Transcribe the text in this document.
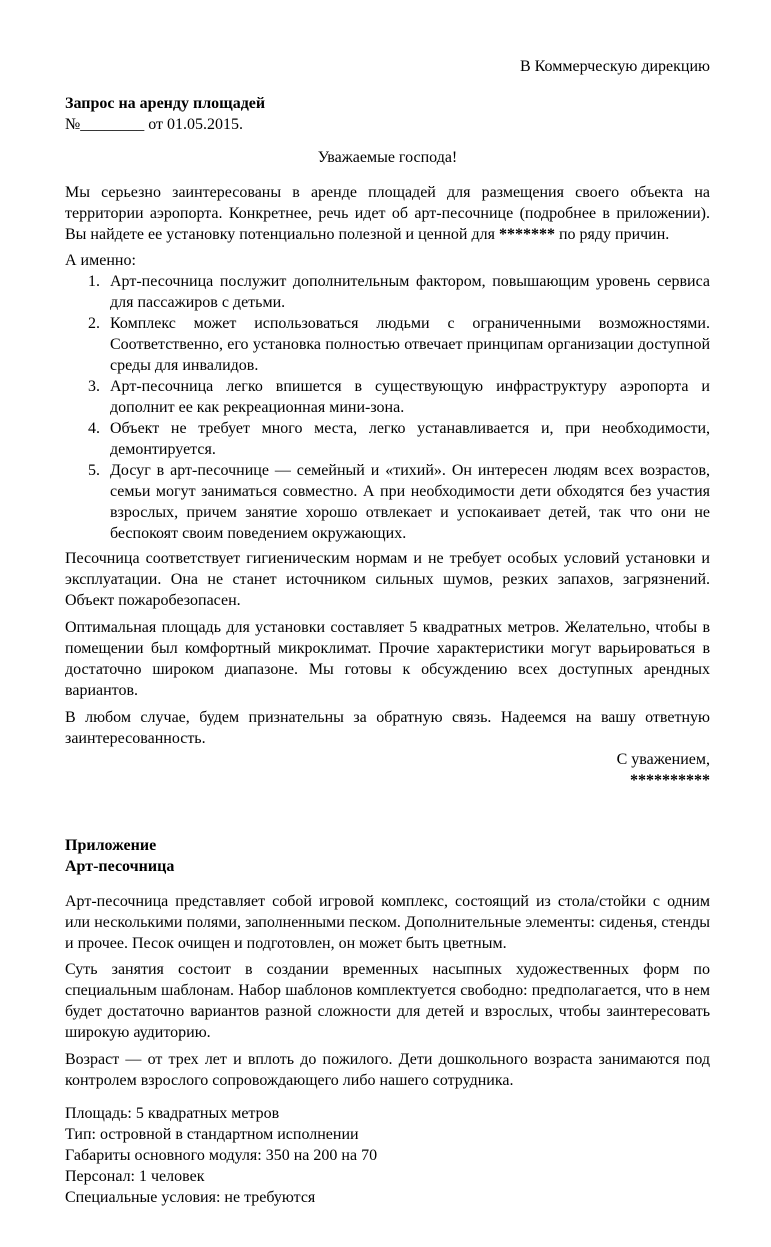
В Коммерческую дирекцию

Запрос на аренду площадей

№________ от 01.05.2015.

Уважаемые господа!

Мы серьезно заинтересованы в аренде площадей для размещения своего объекта на территории аэропорта. Конкретнее, речь идет об арт-песочнице (подробнее в приложении). Вы найдете ее установку потенциально полезной и ценной для ******* по ряду причин.

А именно:

1. Арт-песочница послужит дополнительным фактором, повышающим уровень сервиса для пассажиров с детьми.
2. Комплекс может использоваться людьми с ограниченными возможностями. Соответственно, его установка полностью отвечает принципам организации доступной среды для инвалидов.
3. Арт-песочница легко впишется в существующую инфраструктуру аэропорта и дополнит ее как рекреационная мини-зона.
4. Объект не требует много места, легко устанавливается и, при необходимости, демонтируется.
5. Досуг в арт-песочнице — семейный и «тихий». Он интересен людям всех возрастов, семьи могут заниматься совместно. А при необходимости дети обходятся без участия взрослых, причем занятие хорошо отвлекает и успокаивает детей, так что они не беспокоят своим поведением окружающих.

Песочница соответствует гигиеническим нормам и не требует особых условий установки и эксплуатации. Она не станет источником сильных шумов, резких запахов, загрязнений. Объект пожаробезопасен.

Оптимальная площадь для установки составляет 5 квадратных метров. Желательно, чтобы в помещении был комфортный микроклимат. Прочие характеристики могут варьироваться в достаточно широком диапазоне. Мы готовы к обсуждению всех доступных арендных вариантов.

В любом случае, будем признательны за обратную связь. Надеемся на вашу ответную заинтересованность.

С уважением,

**********

Приложение

Арт-песочница

Арт-песочница представляет собой игровой комплекс, состоящий из стола/стойки с одним или несколькими полями, заполненными песком. Дополнительные элементы: сиденья, стенды и прочее. Песок очищен и подготовлен, он может быть цветным.

Суть занятия состоит в создании временных насыпных художественных форм по специальным шаблонам. Набор шаблонов комплектуется свободно: предполагается, что в нем будет достаточно вариантов разной сложности для детей и взрослых, чтобы заинтересовать широкую аудиторию.

Возраст — от трех лет и вплоть до пожилого. Дети дошкольного возраста занимаются под контролем взрослого сопровождающего либо нашего сотрудника.

Площадь: 5 квадратных метров

Тип: островной в стандартном исполнении

Габариты основного модуля: 350 на 200 на 70

Персонал: 1 человек

Специальные условия: не требуются
